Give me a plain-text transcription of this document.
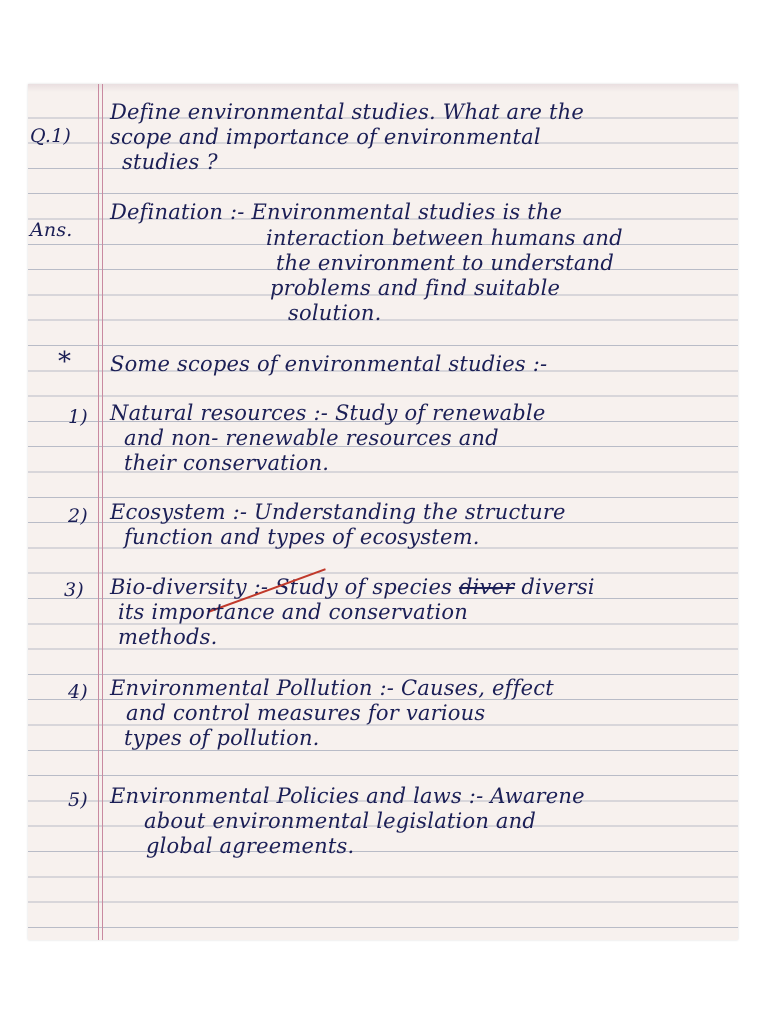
Q.1)

Define environmental studies. What are the

scope and importance of environmental

studies ?

Ans.

Defination :- Environmental studies is the

interaction between humans and

the environment to understand

problems and find suitable

solution.

* Some scopes of environmental studies :-

1) Natural resources :- Study of renewable

and non- renewable resources and

their conservation.

2) Ecosystem :- Understanding the structure

function and types of ecosystem.

3) Bio-diversity :- Study of species diver diversi

its importance and conservation

methods.

4) Environmental Pollution :- Causes, effect

and control measures for various

types of pollution.

5) Environmental Policies and laws :- Awarene

about environmental legislation and

global agreements.
